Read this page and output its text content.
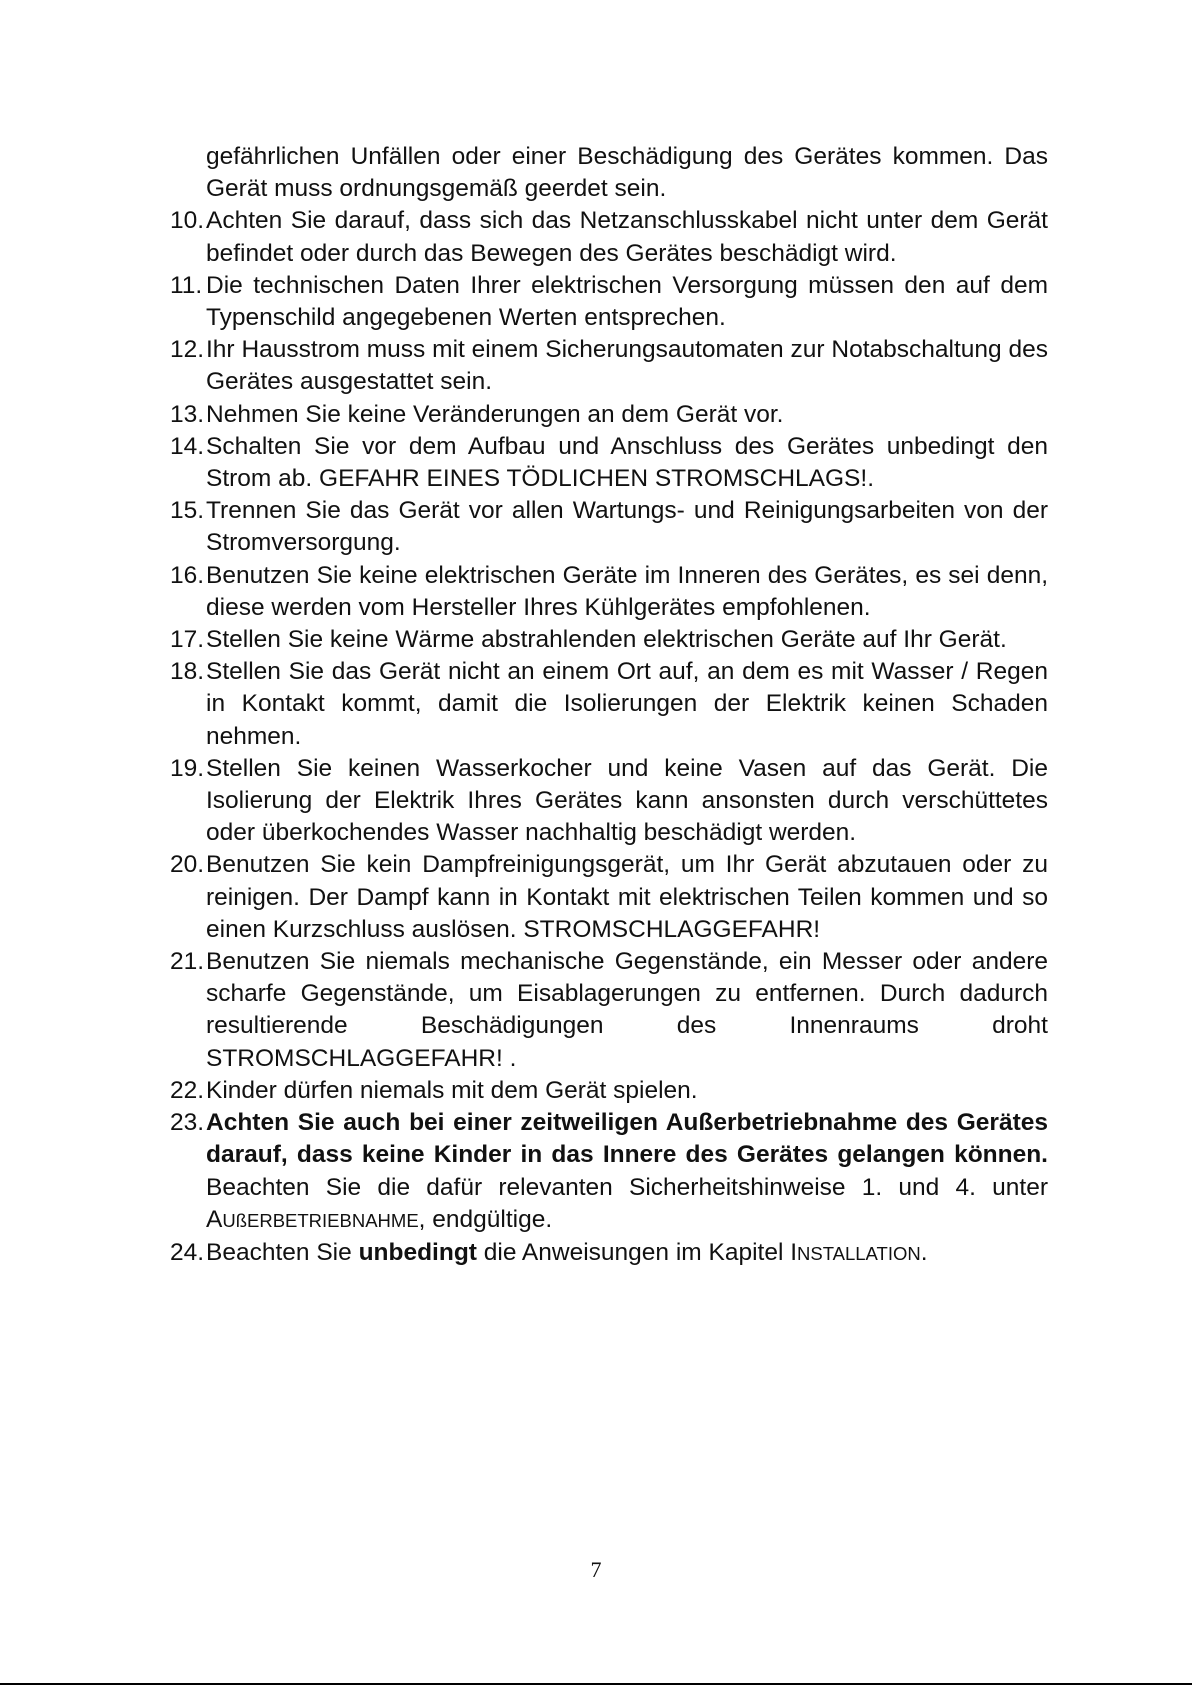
gefährlichen Unfällen oder einer Beschädigung des Gerätes kommen. Das Gerät muss ordnungsgemäß geerdet sein.
10. Achten Sie darauf, dass sich das Netzanschlusskabel nicht unter dem Gerät befindet oder durch das Bewegen des Gerätes beschädigt wird.
11. Die technischen Daten Ihrer elektrischen Versorgung müssen den auf dem Typenschild angegebenen Werten entsprechen.
12. Ihr Hausstrom muss mit einem Sicherungsautomaten zur Notabschaltung des Gerätes ausgestattet sein.
13. Nehmen Sie keine Veränderungen an dem Gerät vor.
14. Schalten Sie vor dem Aufbau und Anschluss des Gerätes unbedingt den Strom ab. GEFAHR EINES TÖDLICHEN STROMSCHLAGS!.
15. Trennen Sie das Gerät vor allen Wartungs- und Reinigungsarbeiten von der Stromversorgung.
16. Benutzen Sie keine elektrischen Geräte im Inneren des Gerätes, es sei denn, diese werden vom Hersteller Ihres Kühlgerätes empfohlenen.
17. Stellen Sie keine Wärme abstrahlenden elektrischen Geräte auf Ihr Gerät.
18. Stellen Sie das Gerät nicht an einem Ort auf, an dem es mit Wasser / Regen in Kontakt kommt, damit die Isolierungen der Elektrik keinen Schaden nehmen.
19. Stellen Sie keinen Wasserkocher und keine Vasen auf das Gerät. Die Isolierung der Elektrik Ihres Gerätes kann ansonsten durch verschüttetes oder überkochendes Wasser nachhaltig beschädigt werden.
20. Benutzen Sie kein Dampfreinigungsgerät, um Ihr Gerät abzutauen oder zu reinigen. Der Dampf kann in Kontakt mit elektrischen Teilen kommen und so einen Kurzschluss auslösen. STROMSCHLAGGEFAHR!
21. Benutzen Sie niemals mechanische Gegenstände, ein Messer oder andere scharfe Gegenstände, um Eisablagerungen zu entfernen. Durch dadurch resultierende Beschädigungen des Innenraums droht STROMSCHLAGGEFAHR! .
22. Kinder dürfen niemals mit dem Gerät spielen.
23. Achten Sie auch bei einer zeitweiligen Außerbetriebnahme des Gerätes darauf, dass keine Kinder in das Innere des Gerätes gelangen können. Beachten Sie die dafür relevanten Sicherheitshinweise 1. und 4. unter AUßERBETRIEBNAHME, endgültige.
24. Beachten Sie unbedingt die Anweisungen im Kapitel INSTALLATION.
7
